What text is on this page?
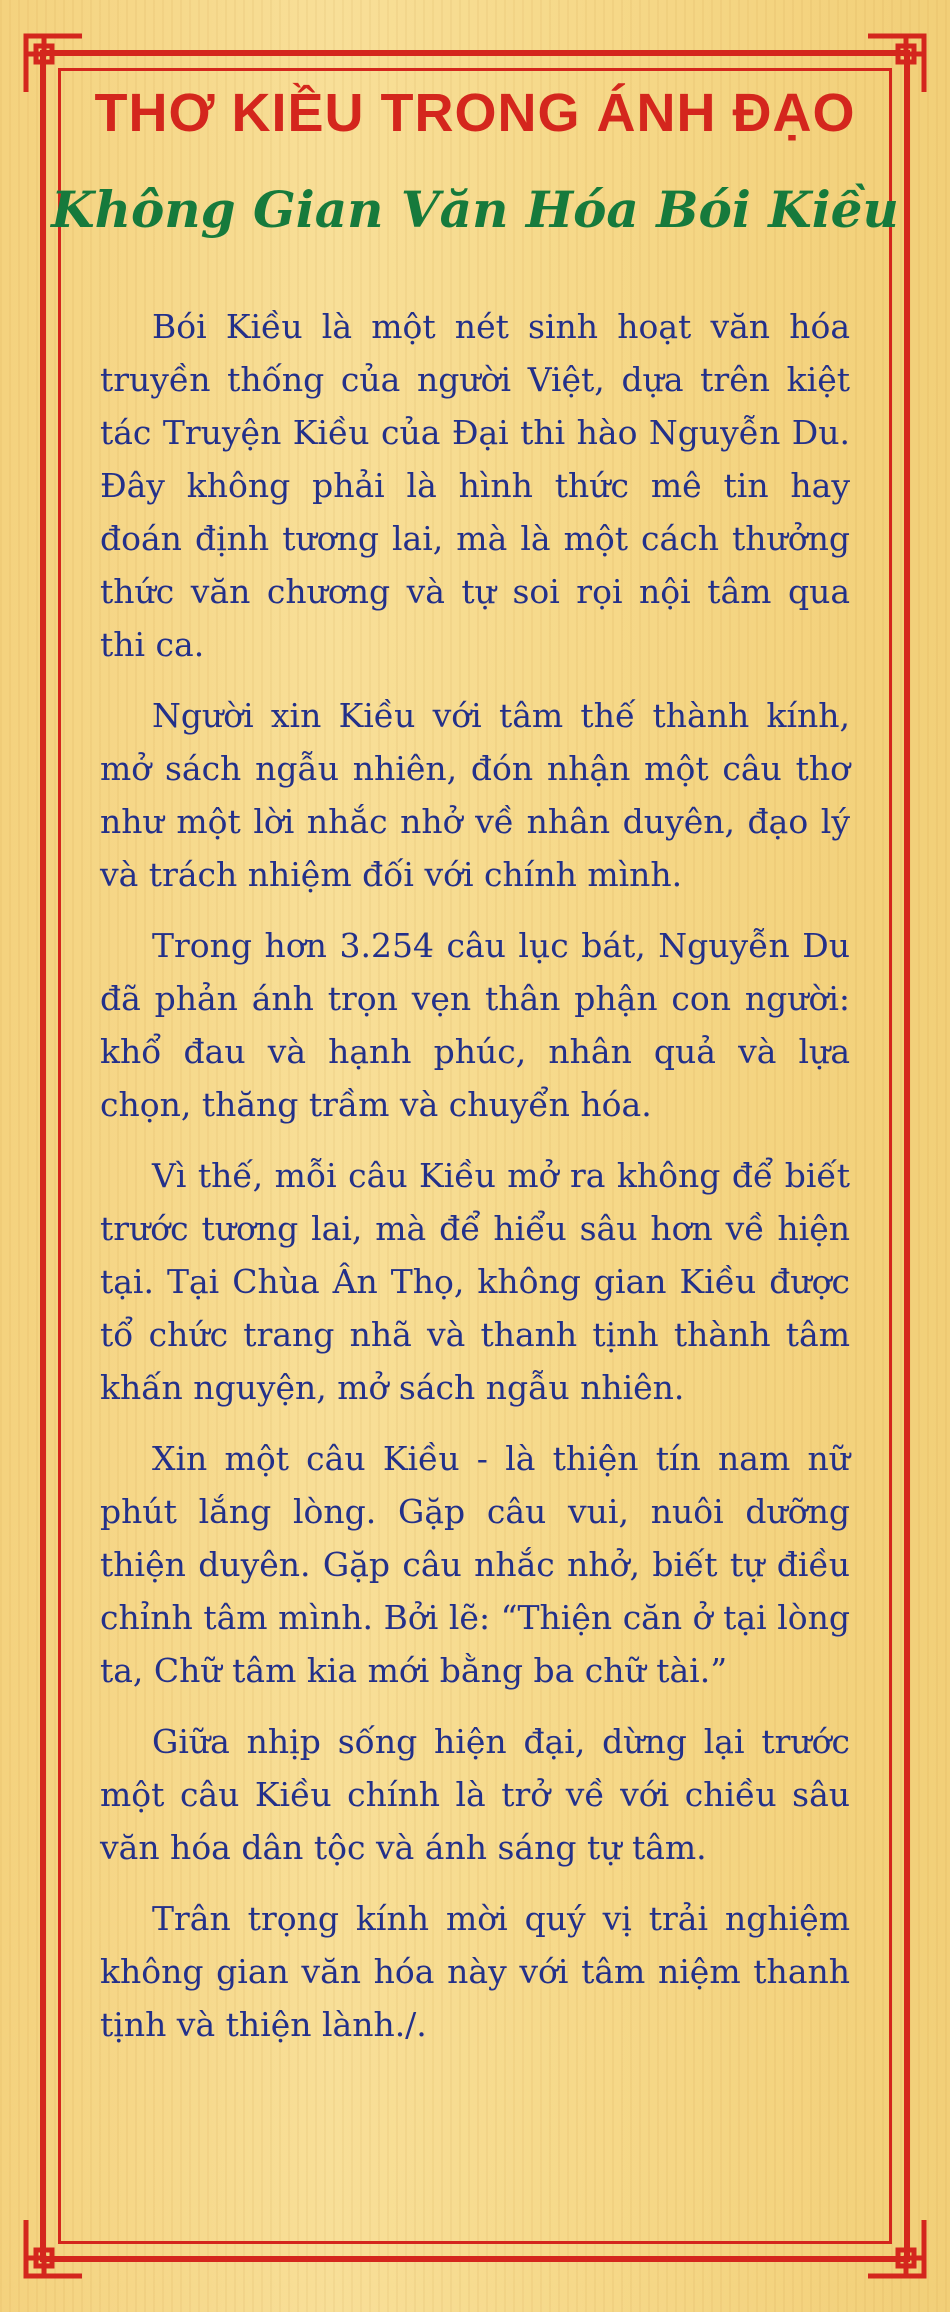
THƠ KIỀU TRONG ÁNH ĐẠO
Không Gian Văn Hóa Bói Kiều

Bói Kiều là một nét sinh hoạt văn hóa truyền thống của người Việt, dựa trên kiệt tác Truyện Kiều của Đại thi hào Nguyễn Du. Đây không phải là hình thức mê tin hay đoán định tương lai, mà là một cách thưởng thức văn chương và tự soi rọi nội tâm qua thi ca.

Người xin Kiều với tâm thế thành kính, mở sách ngẫu nhiên, đón nhận một câu thơ như một lời nhắc nhở về nhân duyên, đạo lý và trách nhiệm đối với chính mình.

Trong hơn 3.254 câu lục bát, Nguyễn Du đã phản ánh trọn vẹn thân phận con người: khổ đau và hạnh phúc, nhân quả và lựa chọn, thăng trầm và chuyển hóa.

Vì thế, mỗi câu Kiều mở ra không để biết trước tương lai, mà để hiểu sâu hơn về hiện tại. Tại Chùa Ân Thọ, không gian Kiều được tổ chức trang nhã và thanh tịnh thành tâm khấn nguyện, mở sách ngẫu nhiên.

Xin một câu Kiều - là thiện tín nam nữ phút lắng lòng. Gặp câu vui, nuôi dưỡng thiện duyên. Gặp câu nhắc nhở, biết tự điều chỉnh tâm mình. Bởi lẽ: “Thiện căn ở tại lòng ta, Chữ tâm kia mới bằng ba chữ tài.”

Giữa nhịp sống hiện đại, dừng lại trước một câu Kiều chính là trở về với chiều sâu văn hóa dân tộc và ánh sáng tự tâm.

Trân trọng kính mời quý vị trải nghiệm không gian văn hóa này với tâm niệm thanh tịnh và thiện lành./.
